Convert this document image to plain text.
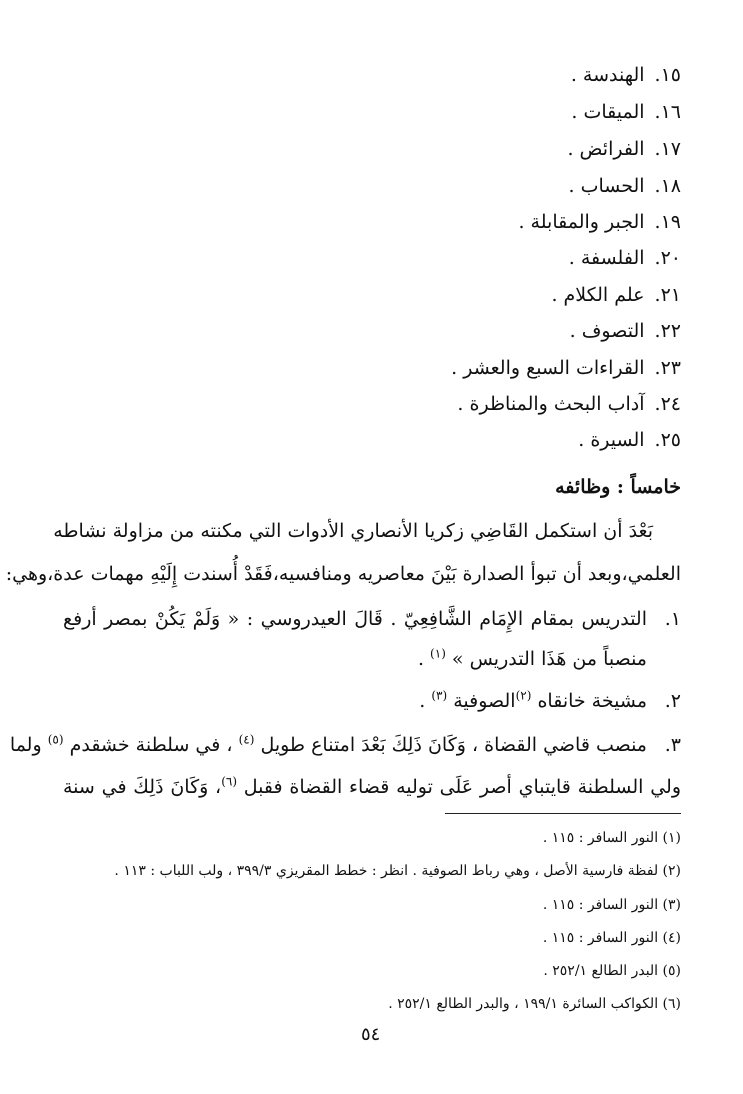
١٥.الهندسة .
١٦.الميقات .
١٧.الفرائض .
١٨.الحساب .
١٩.الجبر والمقابلة .
٢٠.الفلسفة .
٢١.علم الكلام .
٢٢.التصوف .
٢٣.القراءات السبع والعشر .
٢٤.آداب البحث والمناظرة .
٢٥.السيرة .
خامساً : وظائفه
بَعْدَ أن استكمل القَاضِي زكريا الأنصاري الأدوات التي مكنته من مزاولة نشاطه
العلمي،وبعد أن تبوأ الصدارة بَيْنَ معاصريه ومنافسيه،فَقَدْ أُسندت إِلَيْهِ مهمات عدة،وهي:
١.
التدريس بمقام الإِمَام الشَّافِعِيّ . قَالَ العيدروسي : « وَلَمْ يَكُنْ بمصر أرفع
منصباً من هَذَا التدريس » $^{(١)}$ .
٢.
مشيخة خانقاه $^{(٢)}$الصوفية $^{(٣)}$ .
٣.
منصب قاضي القضاة ، وَكَانَ ذَلِكَ بَعْدَ امتناع طويل $^{(٤)}$ ، في سلطنة خشقدم $^{(٥)}$ ولما
ولي السلطنة قايتباي أصر عَلَى توليه قضاء القضاة فقبل $^{(٦)}$، وَكَانَ ذَلِكَ في سنة
(١) النور السافر : ١١٥ .
(٢) لفظة فارسية الأصل ، وهي رباط الصوفية . انظر : خطط المقريزي ٣٩٩/٣ ، ولب اللباب : ١١٣ .
(٣) النور السافر : ١١٥ .
(٤) النور السافر : ١١٥ .
(٥) البدر الطالع ٢٥٢/١ .
(٦) الكواكب السائرة ١٩٩/١ ، والبدر الطالع ٢٥٢/١ .
٥٤
